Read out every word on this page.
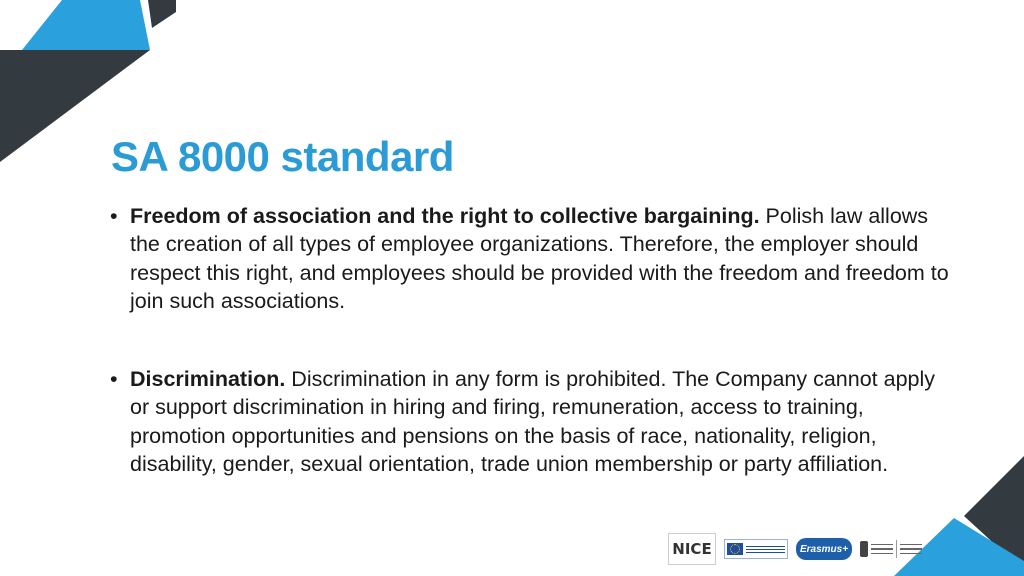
SA 8000 standard
• Freedom of association and the right to collective bargaining. Polish law allows the creation of all types of employee organizations. Therefore, the employer should respect this right, and employees should be provided with the freedom and freedom to join such associations.
• Discrimination. Discrimination in any form is prohibited. The Company cannot apply or support discrimination in hiring and firing, remuneration, access to training, promotion opportunities and pensions on the basis of race, nationality, religion, disability, gender, sexual orientation, trade union membership or party affiliation.
NICE	Erasmus+
